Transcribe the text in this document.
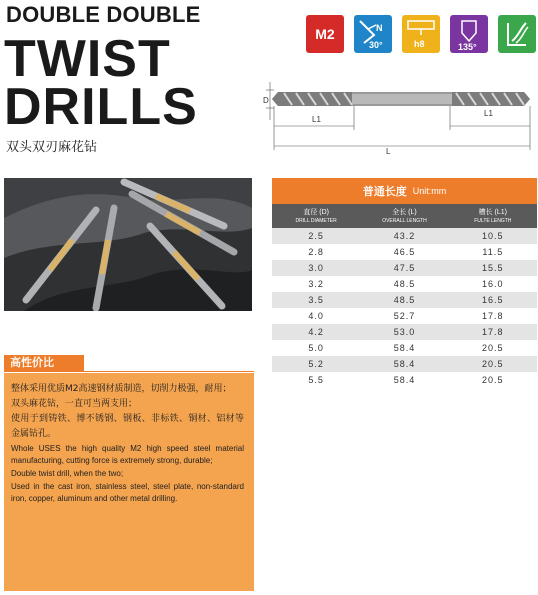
DOUBLE DOUBLE
TWIST
DRILLS
双头双刃麻花钻
M2	N
30°	h8	135°
D
L1
L1
L
普通长度 Unit:mm
直径 (D)
DRILL DIAMETER
全长 (L)
OVERALL LENGTH
槽长 (L1)
FULTE LENGTH
2.5	43.2	10.5
2.8	46.5	11.5
3.0	47.5	15.5
3.2	48.5	16.0
3.5	48.5	16.5
4.0	52.7	17.8
4.2	53.0	17.8
5.0	58.4	20.5
5.2	58.4	20.5
5.5	58.4	20.5
高性价比

整体采用优质M2高速钢材质制造，切削力极强，耐用；

双头麻花钻，一直可当两支用；

使用于到铸铁、博不锈钢、钢板、非标铁、铜材、铝材等金属钻孔。

Whole USES the high quality M2 high speed steel material manufacturing, cutting force is extremely strong, durable;

Double twist drill, when the two;

Used in the cast iron, stainless steel, steel plate, non-standard iron, copper, aluminum and other metal drilling.
